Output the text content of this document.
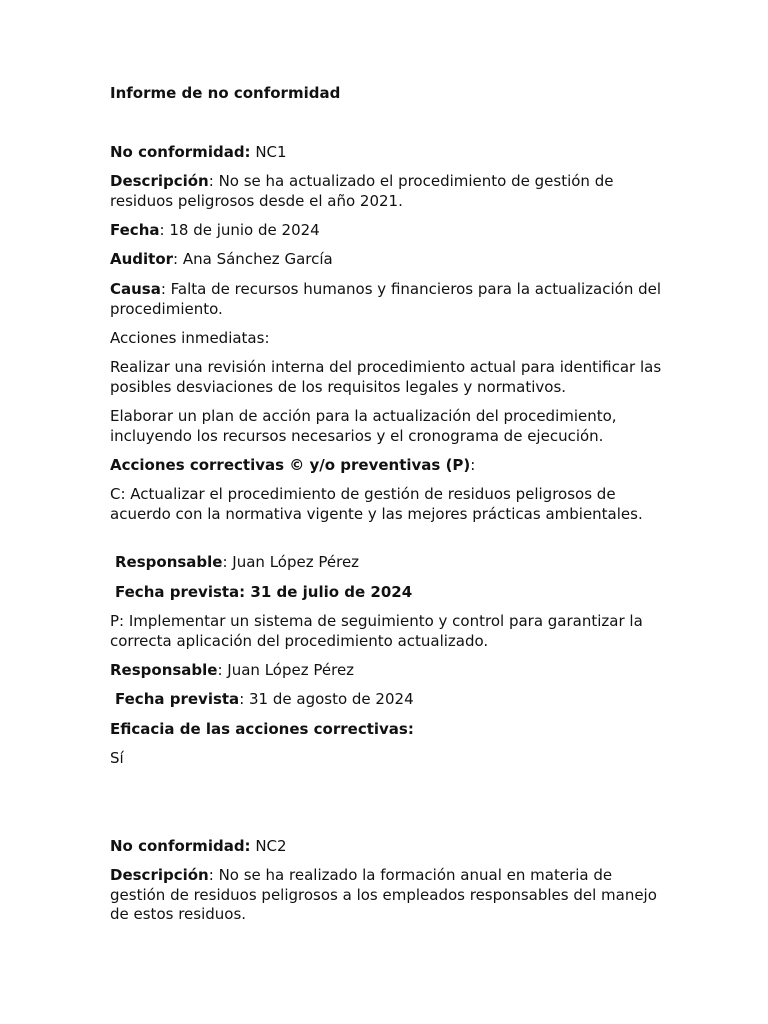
Informe de no conformidad

No conformidad: NC1

Descripción: No se ha actualizado el procedimiento de gestión de residuos peligrosos desde el año 2021.

Fecha: 18 de junio de 2024

Auditor: Ana Sánchez García

Causa: Falta de recursos humanos y financieros para la actualización del procedimiento.

Acciones inmediatas:

Realizar una revisión interna del procedimiento actual para identificar las posibles desviaciones de los requisitos legales y normativos.

Elaborar un plan de acción para la actualización del procedimiento, incluyendo los recursos necesarios y el cronograma de ejecución.

Acciones correctivas © y/o preventivas (P):

C: Actualizar el procedimiento de gestión de residuos peligrosos de acuerdo con la normativa vigente y las mejores prácticas ambientales.

Responsable: Juan López Pérez

Fecha prevista: 31 de julio de 2024

P: Implementar un sistema de seguimiento y control para garantizar la correcta aplicación del procedimiento actualizado.

Responsable: Juan López Pérez

Fecha prevista: 31 de agosto de 2024

Eficacia de las acciones correctivas:

Sí

No conformidad: NC2

Descripción: No se ha realizado la formación anual en materia de gestión de residuos peligrosos a los empleados responsables del manejo de estos residuos.
